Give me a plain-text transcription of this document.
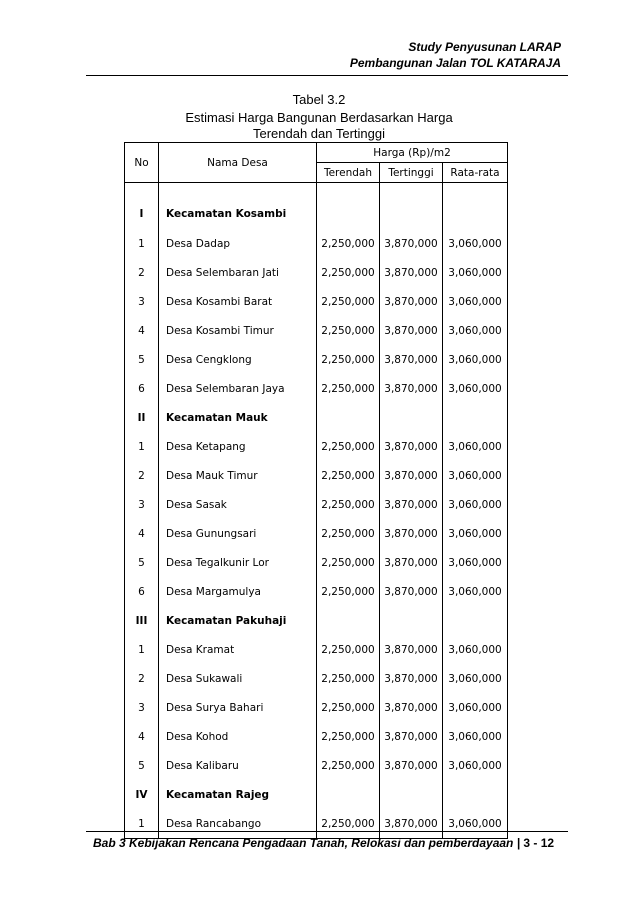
Study Penyusunan LARAP
Pembangunan Jalan TOL KATARAJA
Tabel 3.2
Estimasi Harga Bangunan Berdasarkan Harga
Terendah dan Tertinggi
No	Nama Desa	Harga (Rp)/m2		
		Terendah	Tertinggi	Rata-rata

I	Kecamatan Kosambi			
1	Desa Dadap	2,250,000	3,870,000	3,060,000
2	Desa Selembaran Jati	2,250,000	3,870,000	3,060,000
3	Desa Kosambi Barat	2,250,000	3,870,000	3,060,000
4	Desa Kosambi Timur	2,250,000	3,870,000	3,060,000
5	Desa Cengklong	2,250,000	3,870,000	3,060,000
6	Desa Selembaran Jaya	2,250,000	3,870,000	3,060,000
II	Kecamatan Mauk			
1	Desa Ketapang	2,250,000	3,870,000	3,060,000
2	Desa Mauk Timur	2,250,000	3,870,000	3,060,000
3	Desa Sasak	2,250,000	3,870,000	3,060,000
4	Desa Gunungsari	2,250,000	3,870,000	3,060,000
5	Desa Tegalkunir Lor	2,250,000	3,870,000	3,060,000
6	Desa Margamulya	2,250,000	3,870,000	3,060,000
III	Kecamatan Pakuhaji			
1	Desa Kramat	2,250,000	3,870,000	3,060,000
2	Desa Sukawali	2,250,000	3,870,000	3,060,000
3	Desa Surya Bahari	2,250,000	3,870,000	3,060,000
4	Desa Kohod	2,250,000	3,870,000	3,060,000
5	Desa Kalibaru	2,250,000	3,870,000	3,060,000
IV	Kecamatan Rajeg			
1	Desa Rancabango	2,250,000	3,870,000	3,060,000
Bab 3 Kebijakan Rencana Pengadaan Tanah, Relokasi dan pemberdayaan | 3 - 12
